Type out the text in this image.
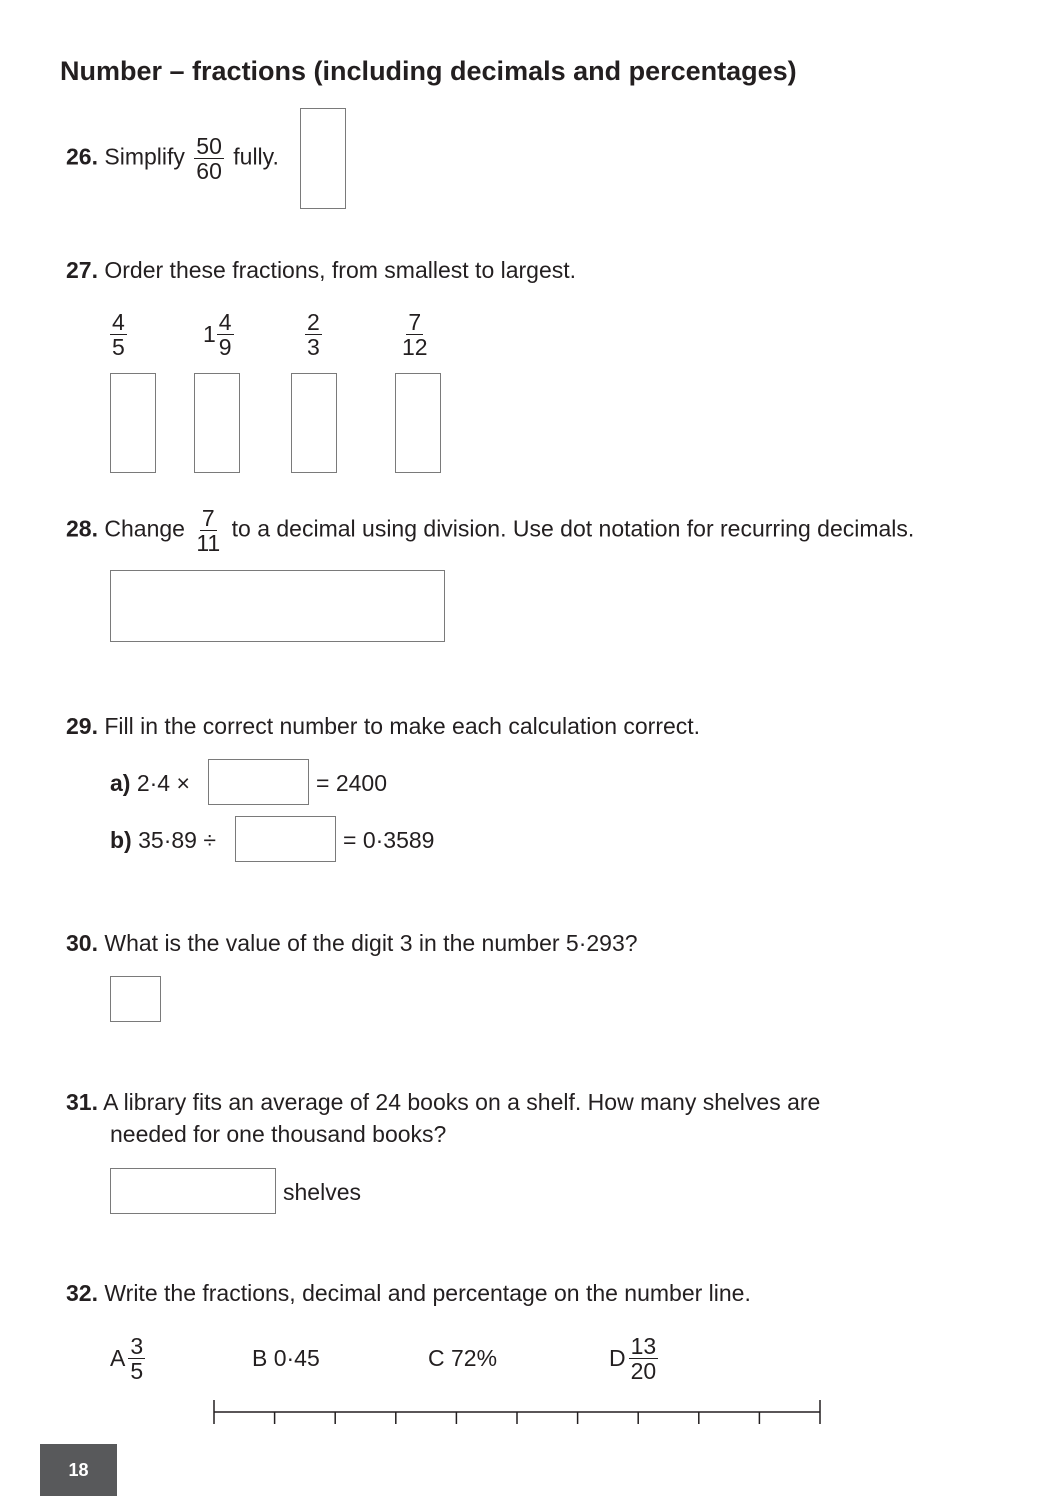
Number – fractions (including decimals and percentages)
26. Simplify $\frac{50}{60}$ fully.
27. Order these fractions, from smallest to largest.
$\frac{4}{5}$	$1 \frac{4}{9}$	$\frac{2}{3}$	$\frac{7}{12}$
28. Change $\frac{7}{11}$ to a decimal using division. Use dot notation for recurring decimals.
29. Fill in the correct number to make each calculation correct.
a) 2·4 ×	= 2400
b) 35·89 ÷	= 0·3589
30. What is the value of the digit 3 in the number 5·293?
31. A library fits an average of 24 books on a shelf. How many shelves are
needed for one thousand books?
shelves
32. Write the fractions, decimal and percentage on the number line.
A $\frac{3}{5}$	B 0·45	C 72%	D $\frac{13}{20}$
18
